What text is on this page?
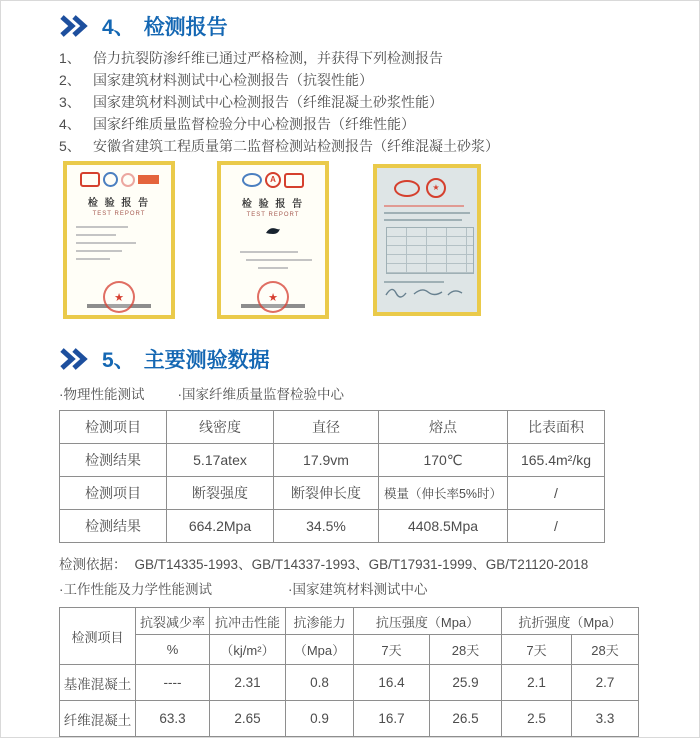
4、 检测报告
1、 倍力抗裂防渗纤维已通过严格检测，并获得下列检测报告
2、 国家建筑材料测试中心检测报告（抗裂性能）
3、 国家建筑材料测试中心检测报告（纤维混凝土砂浆性能）
4、 国家纤维质量监督检验分中心检测报告（纤维性能）
5、 安徽省建筑工程质量第二监督检测站检测报告（纤维混凝土砂浆）
检 验 报 告
TEST REPORT
★
A
检 验 报 告
TEST REPORT
★
★
5、 主要测验数据
·物理性能测试 ·国家纤维质量监督检验中心
检测项目	线密度	直径	熔点	比表面积
检测结果	5.17atex	17.9vm	170℃	165.4m²/kg
检测项目	断裂强度	断裂伸长度	模量（伸长率5%时）	/
检测结果	664.2Mpa	34.5%	4408.5Mpa	/
检测依据： GB/T14335-1993、GB/T14337-1993、GB/T17931-1999、GB/T21120-2018
·工作性能及力学性能测试	·国家建筑材料测试中心
检测项目	抗裂减少率	抗冲击性能	抗渗能力	抗压强度（Mpa）		抗折强度（Mpa）	
	%	（kj/m²）	（Mpa）	7天	28天	7天	28天
基准混凝土	----	2.31	0.8	16.4	25.9	2.1	2.7
纤维混凝土	63.3	2.65	0.9	16.7	26.5	2.5	3.3
